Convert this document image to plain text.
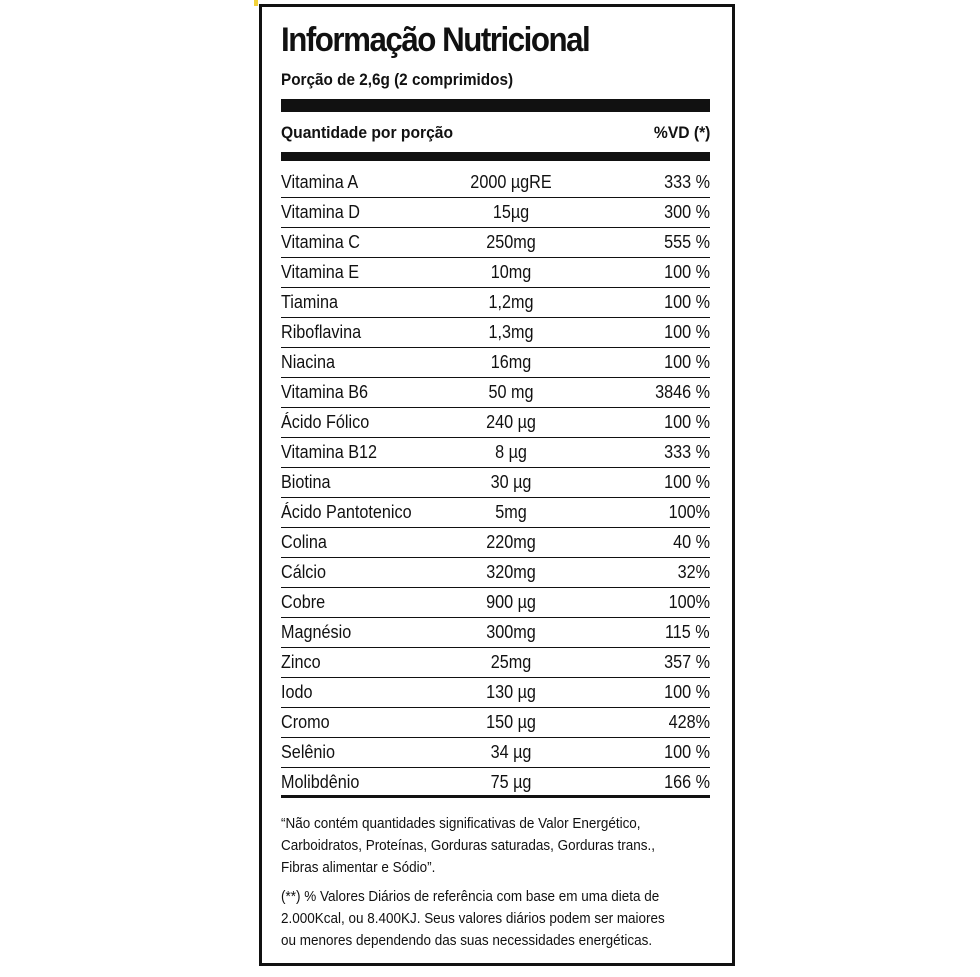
Informação Nutricional
Porção de 2,6g (2 comprimidos)
Quantidade por porção	%VD (*)
Vitamina A	2000 µgRE	333 %
Vitamina D	15µg	300 %
Vitamina C	250mg	555 %
Vitamina E	10mg	100 %
Tiamina	1,2mg	100 %
Riboflavina	1,3mg	100 %
Niacina	16mg	100 %
Vitamina B6	50 mg	3846 %
Ácido Fólico	240 µg	100 %
Vitamina B12	8 µg	333 %
Biotina	30 µg	100 %
Ácido Pantotenico	5mg	100%
Colina	220mg	40 %
Cálcio	320mg	32%
Cobre	900 µg	100%
Magnésio	300mg	115 %
Zinco	25mg	357 %
Iodo	130 µg	100 %
Cromo	150 µg	428%
Selênio	34 µg	100 %
Molibdênio	75 µg	166 %
“Não contém quantidades significativas de Valor Energético,
Carboidratos, Proteínas, Gorduras saturadas, Gorduras trans.,
Fibras alimentar e Sódio”.
(**) % Valores Diários de referência com base em uma dieta de
2.000Kcal, ou 8.400KJ. Seus valores diários podem ser maiores
ou menores dependendo das suas necessidades energéticas.
